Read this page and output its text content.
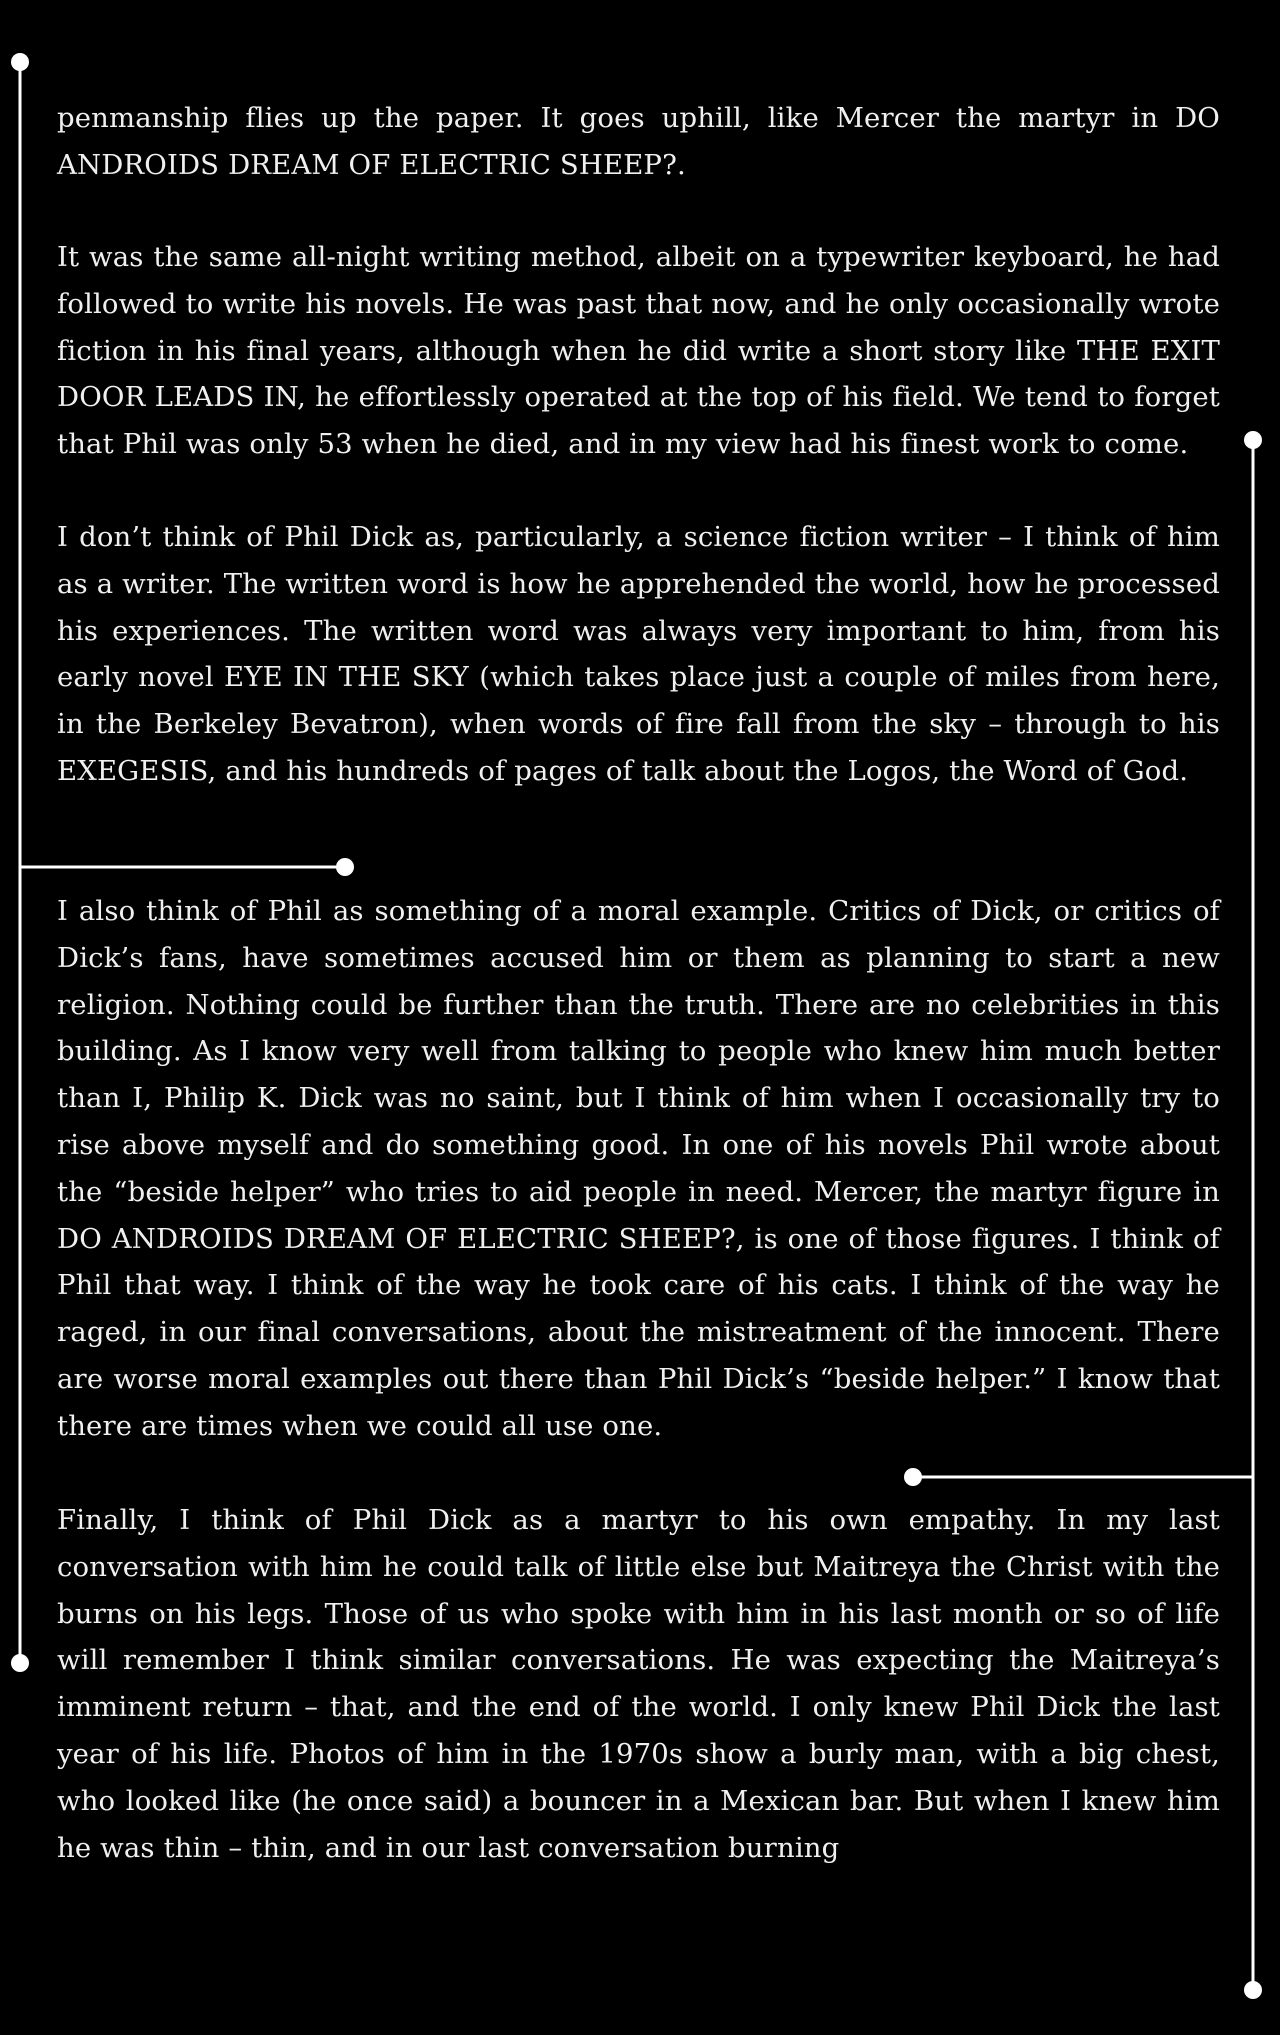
penmanship flies up the paper. It goes uphill, like Mercer the martyr in DO ANDROIDS DREAM OF ELECTRIC SHEEP?.

It was the same all-night writing method, albeit on a typewriter keyboard, he had followed to write his novels. He was past that now, and he only occasionally wrote fiction in his final years, although when he did write a short story like THE EXIT DOOR LEADS IN, he effortlessly operated at the top of his field. We tend to forget that Phil was only 53 when he died, and in my view had his finest work to come.

I don’t think of Phil Dick as, particularly, a science fiction writer – I think of him as a writer. The written word is how he apprehended the world, how he processed his experiences. The written word was always very important to him, from his early novel EYE IN THE SKY (which takes place just a couple of miles from here, in the Berkeley Bevatron), when words of fire fall from the sky – through to his EXEGESIS, and his hundreds of pages of talk about the Logos, the Word of God.

I also think of Phil as something of a moral example. Critics of Dick, or critics of Dick’s fans, have sometimes accused him or them as planning to start a new religion. Nothing could be further than the truth. There are no celebrities in this building. As I know very well from talking to people who knew him much better than I, Philip K. Dick was no saint, but I think of him when I occasionally try to rise above myself and do something good. In one of his novels Phil wrote about the “beside helper” who tries to aid people in need. Mercer, the martyr figure in DO ANDROIDS DREAM OF ELECTRIC SHEEP?, is one of those figures. I think of Phil that way. I think of the way he took care of his cats. I think of the way he raged, in our final conversations, about the mistreatment of the innocent. There are worse moral examples out there than Phil Dick’s “beside helper.” I know that there are times when we could all use one.

Finally, I think of Phil Dick as a martyr to his own empathy. In my last conversation with him he could talk of little else but Maitreya the Christ with the burns on his legs. Those of us who spoke with him in his last month or so of life will remember I think similar conversations. He was expecting the Maitreya’s imminent return – that, and the end of the world. I only knew Phil Dick the last year of his life. Photos of him in the 1970s show a burly man, with a big chest, who looked like (he once said) a bouncer in a Mexican bar. But when I knew him he was thin – thin, and in our last conversation burning
